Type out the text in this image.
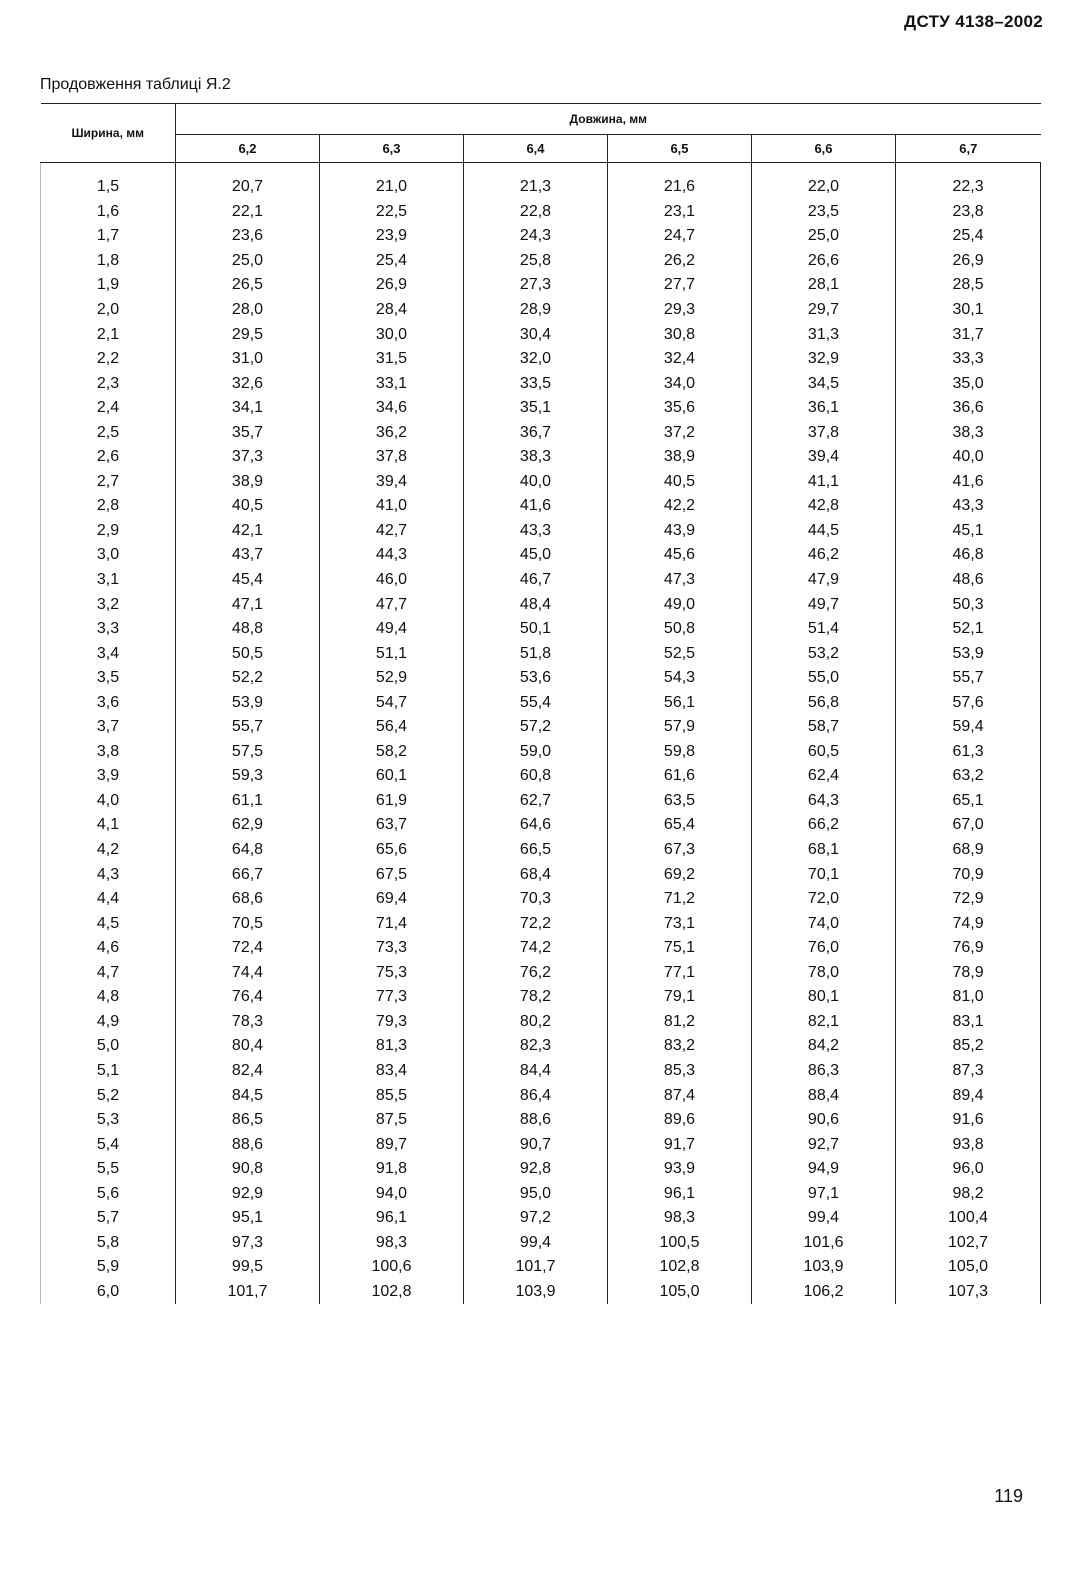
ДСТУ 4138–2002
Продовження таблиці Я.2
Ширина, мм	Довжина, мм					
	6,2	6,3	6,4	6,5	6,6	6,7
1,5	20,7	21,0	21,3	21,6	22,0	22,3
1,6	22,1	22,5	22,8	23,1	23,5	23,8
1,7	23,6	23,9	24,3	24,7	25,0	25,4
1,8	25,0	25,4	25,8	26,2	26,6	26,9
1,9	26,5	26,9	27,3	27,7	28,1	28,5
2,0	28,0	28,4	28,9	29,3	29,7	30,1
2,1	29,5	30,0	30,4	30,8	31,3	31,7
2,2	31,0	31,5	32,0	32,4	32,9	33,3
2,3	32,6	33,1	33,5	34,0	34,5	35,0
2,4	34,1	34,6	35,1	35,6	36,1	36,6
2,5	35,7	36,2	36,7	37,2	37,8	38,3
2,6	37,3	37,8	38,3	38,9	39,4	40,0
2,7	38,9	39,4	40,0	40,5	41,1	41,6
2,8	40,5	41,0	41,6	42,2	42,8	43,3
2,9	42,1	42,7	43,3	43,9	44,5	45,1
3,0	43,7	44,3	45,0	45,6	46,2	46,8
3,1	45,4	46,0	46,7	47,3	47,9	48,6
3,2	47,1	47,7	48,4	49,0	49,7	50,3
3,3	48,8	49,4	50,1	50,8	51,4	52,1
3,4	50,5	51,1	51,8	52,5	53,2	53,9
3,5	52,2	52,9	53,6	54,3	55,0	55,7
3,6	53,9	54,7	55,4	56,1	56,8	57,6
3,7	55,7	56,4	57,2	57,9	58,7	59,4
3,8	57,5	58,2	59,0	59,8	60,5	61,3
3,9	59,3	60,1	60,8	61,6	62,4	63,2
4,0	61,1	61,9	62,7	63,5	64,3	65,1
4,1	62,9	63,7	64,6	65,4	66,2	67,0
4,2	64,8	65,6	66,5	67,3	68,1	68,9
4,3	66,7	67,5	68,4	69,2	70,1	70,9
4,4	68,6	69,4	70,3	71,2	72,0	72,9
4,5	70,5	71,4	72,2	73,1	74,0	74,9
4,6	72,4	73,3	74,2	75,1	76,0	76,9
4,7	74,4	75,3	76,2	77,1	78,0	78,9
4,8	76,4	77,3	78,2	79,1	80,1	81,0
4,9	78,3	79,3	80,2	81,2	82,1	83,1
5,0	80,4	81,3	82,3	83,2	84,2	85,2
5,1	82,4	83,4	84,4	85,3	86,3	87,3
5,2	84,5	85,5	86,4	87,4	88,4	89,4
5,3	86,5	87,5	88,6	89,6	90,6	91,6
5,4	88,6	89,7	90,7	91,7	92,7	93,8
5,5	90,8	91,8	92,8	93,9	94,9	96,0
5,6	92,9	94,0	95,0	96,1	97,1	98,2
5,7	95,1	96,1	97,2	98,3	99,4	100,4
5,8	97,3	98,3	99,4	100,5	101,6	102,7
5,9	99,5	100,6	101,7	102,8	103,9	105,0
6,0	101,7	102,8	103,9	105,0	106,2	107,3
119
